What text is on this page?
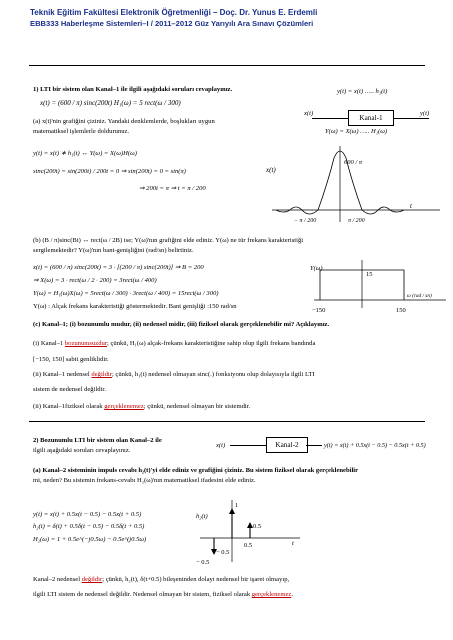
Teknik Eğitim Fakültesi Elektronik Öğretmenliği – Doç. Dr. Yunus E. Erdemli
EBB333 Haberleşme Sistemleri–I / 2011–2012 Güz Yarıyılı Ara Sınavı Çözümleri
1) LTI bir sistem olan Kanal–1 ile ilgili aşağıdaki soruları cevaplayınız.
x(t) = (600 / π) sinc(200t) H₁(ω) = 5 rect(ω / 300)
(a) x(t)'nin grafiğini çiziniz. Yandaki denklemlerde, boşlukları uygun
matematiksel işlemlerle doldurunuz.
y(t) = x(t) ∗ h₁(t) ↔ Y(ω) = X(ω)H(ω)
sinc(200t) = sin(200t) / 200t = 0 ⇒ sin(200t) = 0 = sin(π)
⇒ 200t = π ⇒ t = π / 200
y(t) = x(t) ….. h₁(t)
x(t)
Kanal-1
y(t)
Y(ω) = X(ω) ….. H₁(ω)
x(t)
600 / π
− π / 200	π / 200
t
(b) (B / π)sinc(Bt) ↔ rect(ω / 2B) ise; Y(ω)'nın grafiğini elde ediniz. Y(ω) ne tür frekans karakteristiği
sergilemektedir? Y(ω)'nın bant-genişliğini (rad/sn) belirtiniz.
x(t) = (600 / π) sinc(200t) = 3 · [(200 / π) sinc(200t)] ⇒ B = 200
⇒ X(ω) = 3 · rect(ω / 2 · 200) = 3rect(ω / 400)
Y(ω) = H₁(ω)X(ω) = 5rect(ω / 300) · 3rect(ω / 400) = 15rect(ω / 300)
Y(ω) : Alçak frekans karakteristiği göstermektedir. Bant genişliği :150 rad/sn
Y(ω)
15
−150	150
ω (rad / sn)
(c) Kanal–1; (i) bozunumlu mudur, (ii) nedensel midir, (iii) fiziksel olarak gerçeklenebilir mi? Açıklayınız.
(i) Kanal–1 bozunumsuzdur; çünkü, H₁(ω) alçak-frekans karakteristiğine sahip olup ilgili frekans bandında
[−150, 150] sabit genliklidir.
(ii) Kanal–1 nedensel değildir; çünkü, h₁(t) nedensel olmayan sinc(.) fonksiyonu olup dolayısıyla ilgili LTI
sistem de nedensel değildir.
(ii) Kanal–1fiziksel olarak gerçeklenemez; çünkü, nedensel olmayan bir sistemdir.
2) Bozunumlu LTI bir sistem olan Kanal–2 ile
ilgili aşağıdaki soruları cevaplayınız.
x(t)	Kanal-2	y(t) = x(t) + 0.5x(t − 0.5) − 0.5x(t + 0.5)
(a) Kanal–2 sisteminin impuls cevabı h₂(t)'yi elde ediniz ve grafiğini çiziniz. Bu sistem fiziksel olarak gerçeklenebilir
mi, neden? Bu sistemin frekans-cevabı H₂(ω)'nın matematiksel ifadesini elde ediniz.
y(t) = x(t) + 0.5x(t − 0.5) − 0.5x(t + 0.5)
h₂(t) = δ(t) + 0.5δ(t − 0.5) − 0.5δ(t + 0.5)
H₂(ω) = 1 + 0.5e^(−j0.5ω) − 0.5e^(j0.5ω)
h₂(t)
1
0.5
− 0.5
0.5
− 0.5
t
Kanal–2 nedensel değildir; çünkü, h₂(t), δ(t+0.5) bileşeninden dolayı nedensel bir işaret olmayıp,
ilgili LTI sistem de nedensel değildir. Nedensel olmayan bir sistem, fiziksel olarak gerçeklenemez.
